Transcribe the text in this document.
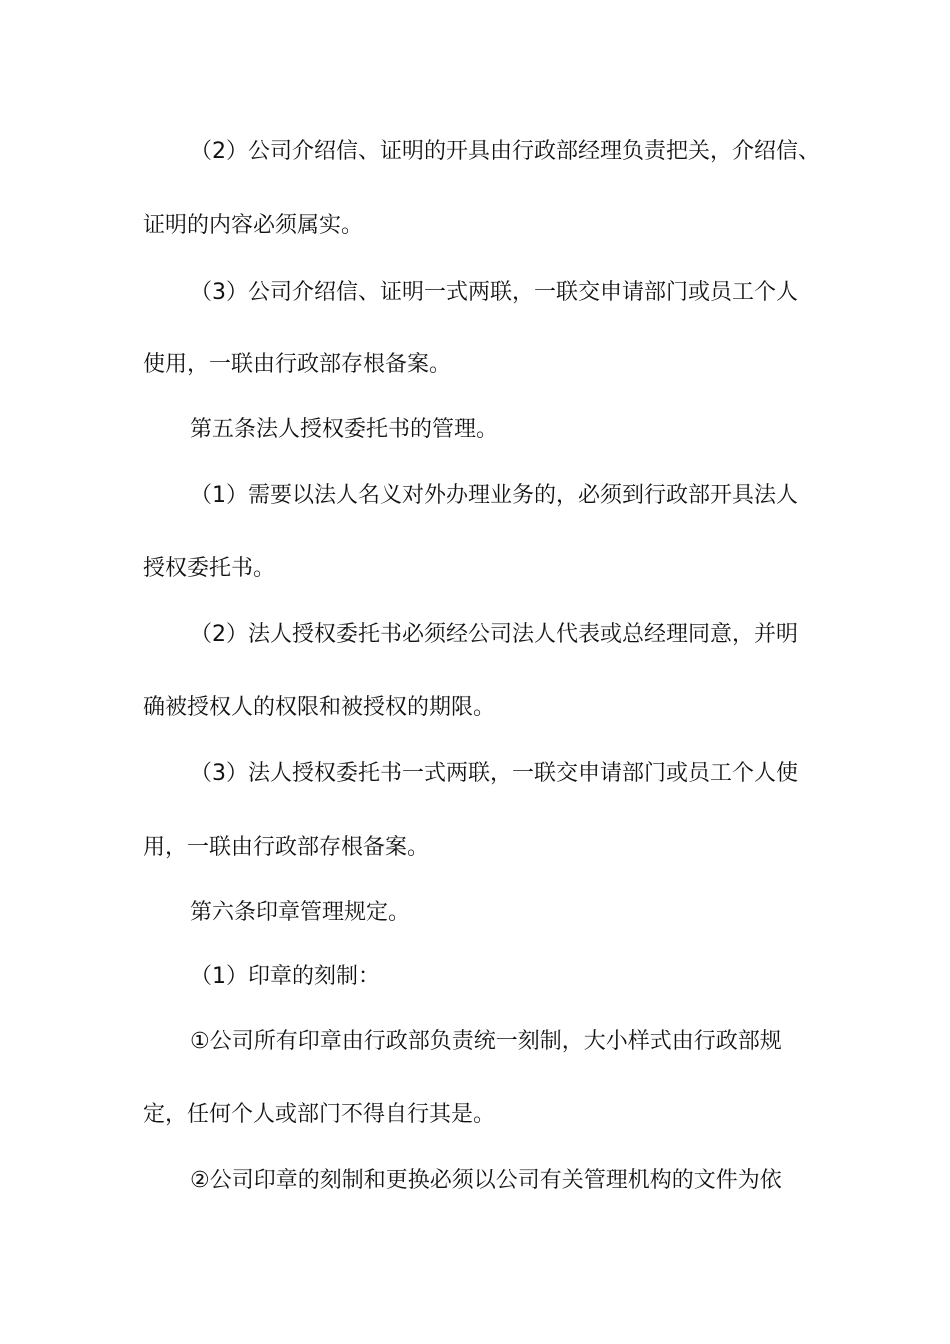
（2）公司介绍信、证明的开具由行政部经理负责把关，介绍信、
证明的内容必须属实。
（3）公司介绍信、证明一式两联，一联交申请部门或员工个人
使用，一联由行政部存根备案。
第五条法人授权委托书的管理。
（1）需要以法人名义对外办理业务的，必须到行政部开具法人
授权委托书。
（2）法人授权委托书必须经公司法人代表或总经理同意，并明
确被授权人的权限和被授权的期限。
（3）法人授权委托书一式两联，一联交申请部门或员工个人使
用，一联由行政部存根备案。
第六条印章管理规定。
（1）印章的刻制：
①公司所有印章由行政部负责统一刻制，大小样式由行政部规
定，任何个人或部门不得自行其是。
②公司印章的刻制和更换必须以公司有关管理机构的文件为依
